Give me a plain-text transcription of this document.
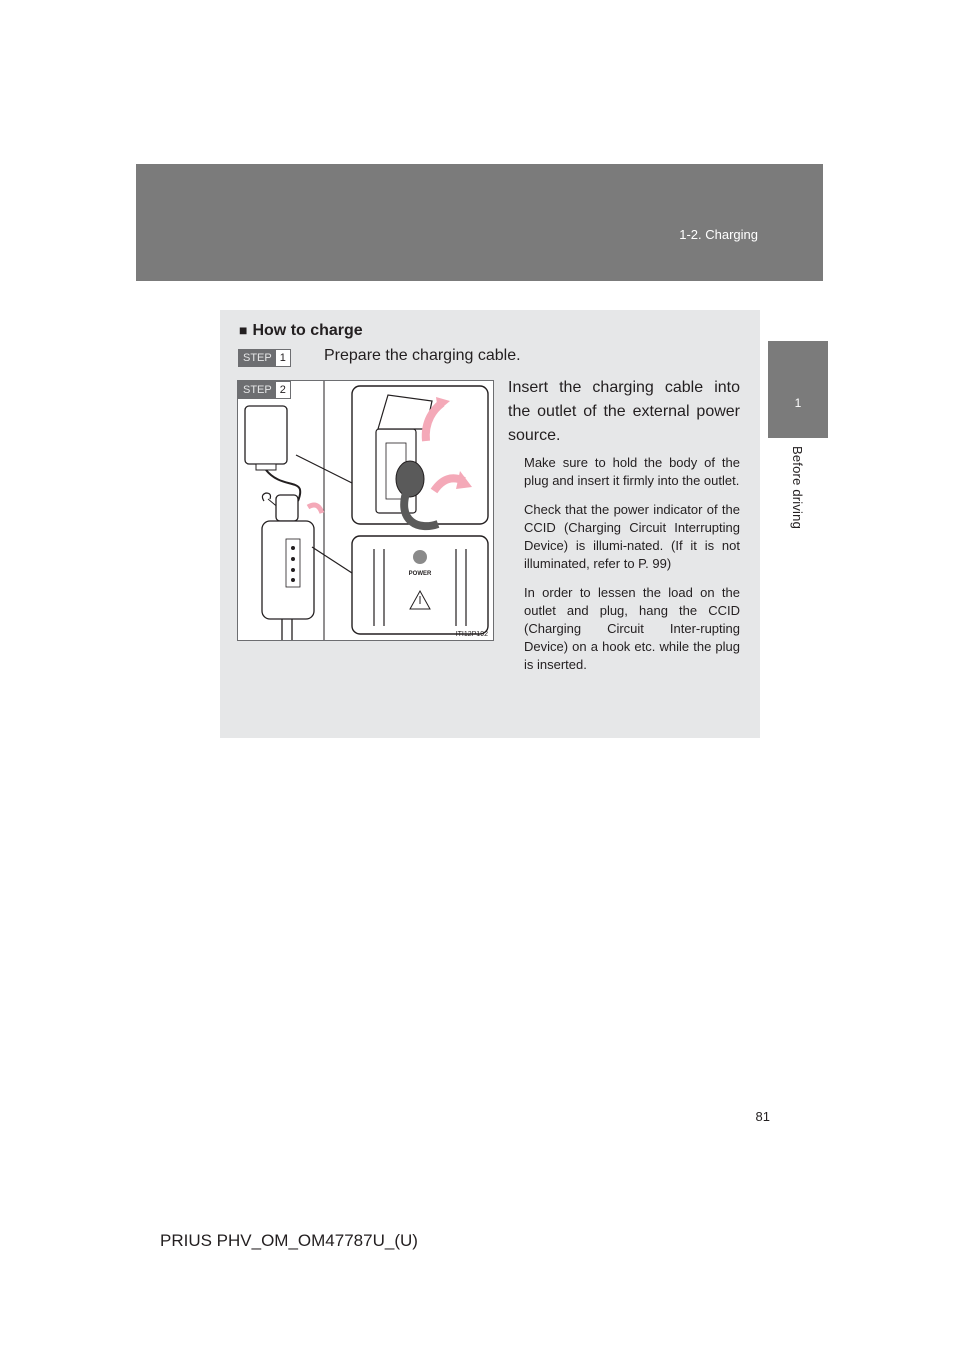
1-2. Charging
1
Before driving
■ How to charge
STEP 1 Prepare the charging cable.
POWER
ITI12P192
STEP 2	Insert the charging cable into the outlet of the external power source.

Make sure to hold the body of the plug and insert it firmly into the outlet.

Check that the power indicator of the CCID (Charging Circuit Interrupting Device) is illumi-nated. (If it is not illuminated, refer to P. 99)

In order to lessen the load on the outlet and plug, hang the CCID (Charging Circuit Inter-rupting Device) on a hook etc. while the plug is inserted.

81
PRIUS PHV_OM_OM47787U_(U)
